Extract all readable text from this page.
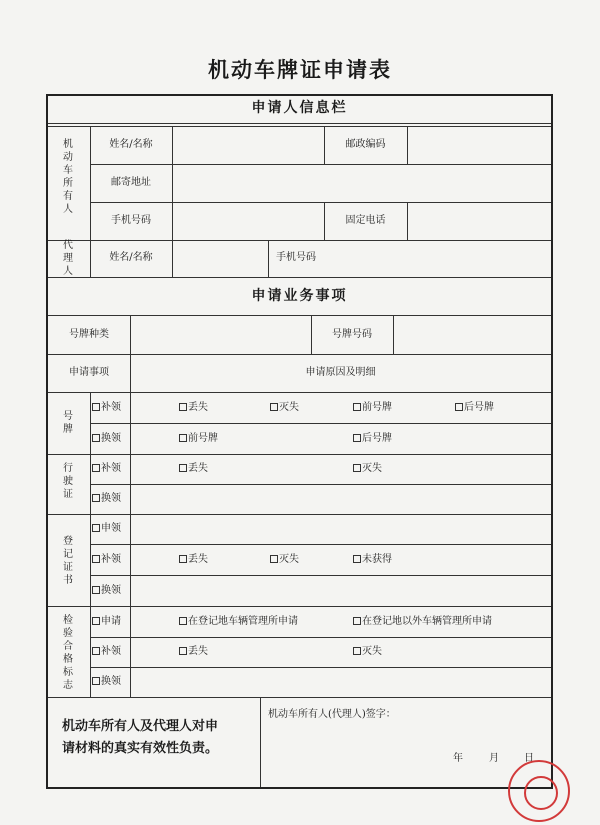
机动车牌证申请表
申请人信息栏
申请业务事项
机动车所有人
姓名/名称	邮政编码
邮寄地址
手机号码	固定电话
代理人
姓名/名称	手机号码
号牌种类	号牌号码
申请事项	申请原因及明细
号牌
补领	丢失	灭失	前号牌	后号牌
换领	前号牌	后号牌
行驶证
补领	丢失	灭失
换领
登记证书
申领
补领	丢失	灭失	未获得
换领
检验合格标志
申请	在登记地车辆管理所申请	在登记地以外车辆管理所申请
补领	丢失	灭失
换领
机动车所有人及代理人对申
请材料的真实有效性负责。
机动车所有人(代理人)签字：
年	月	日
